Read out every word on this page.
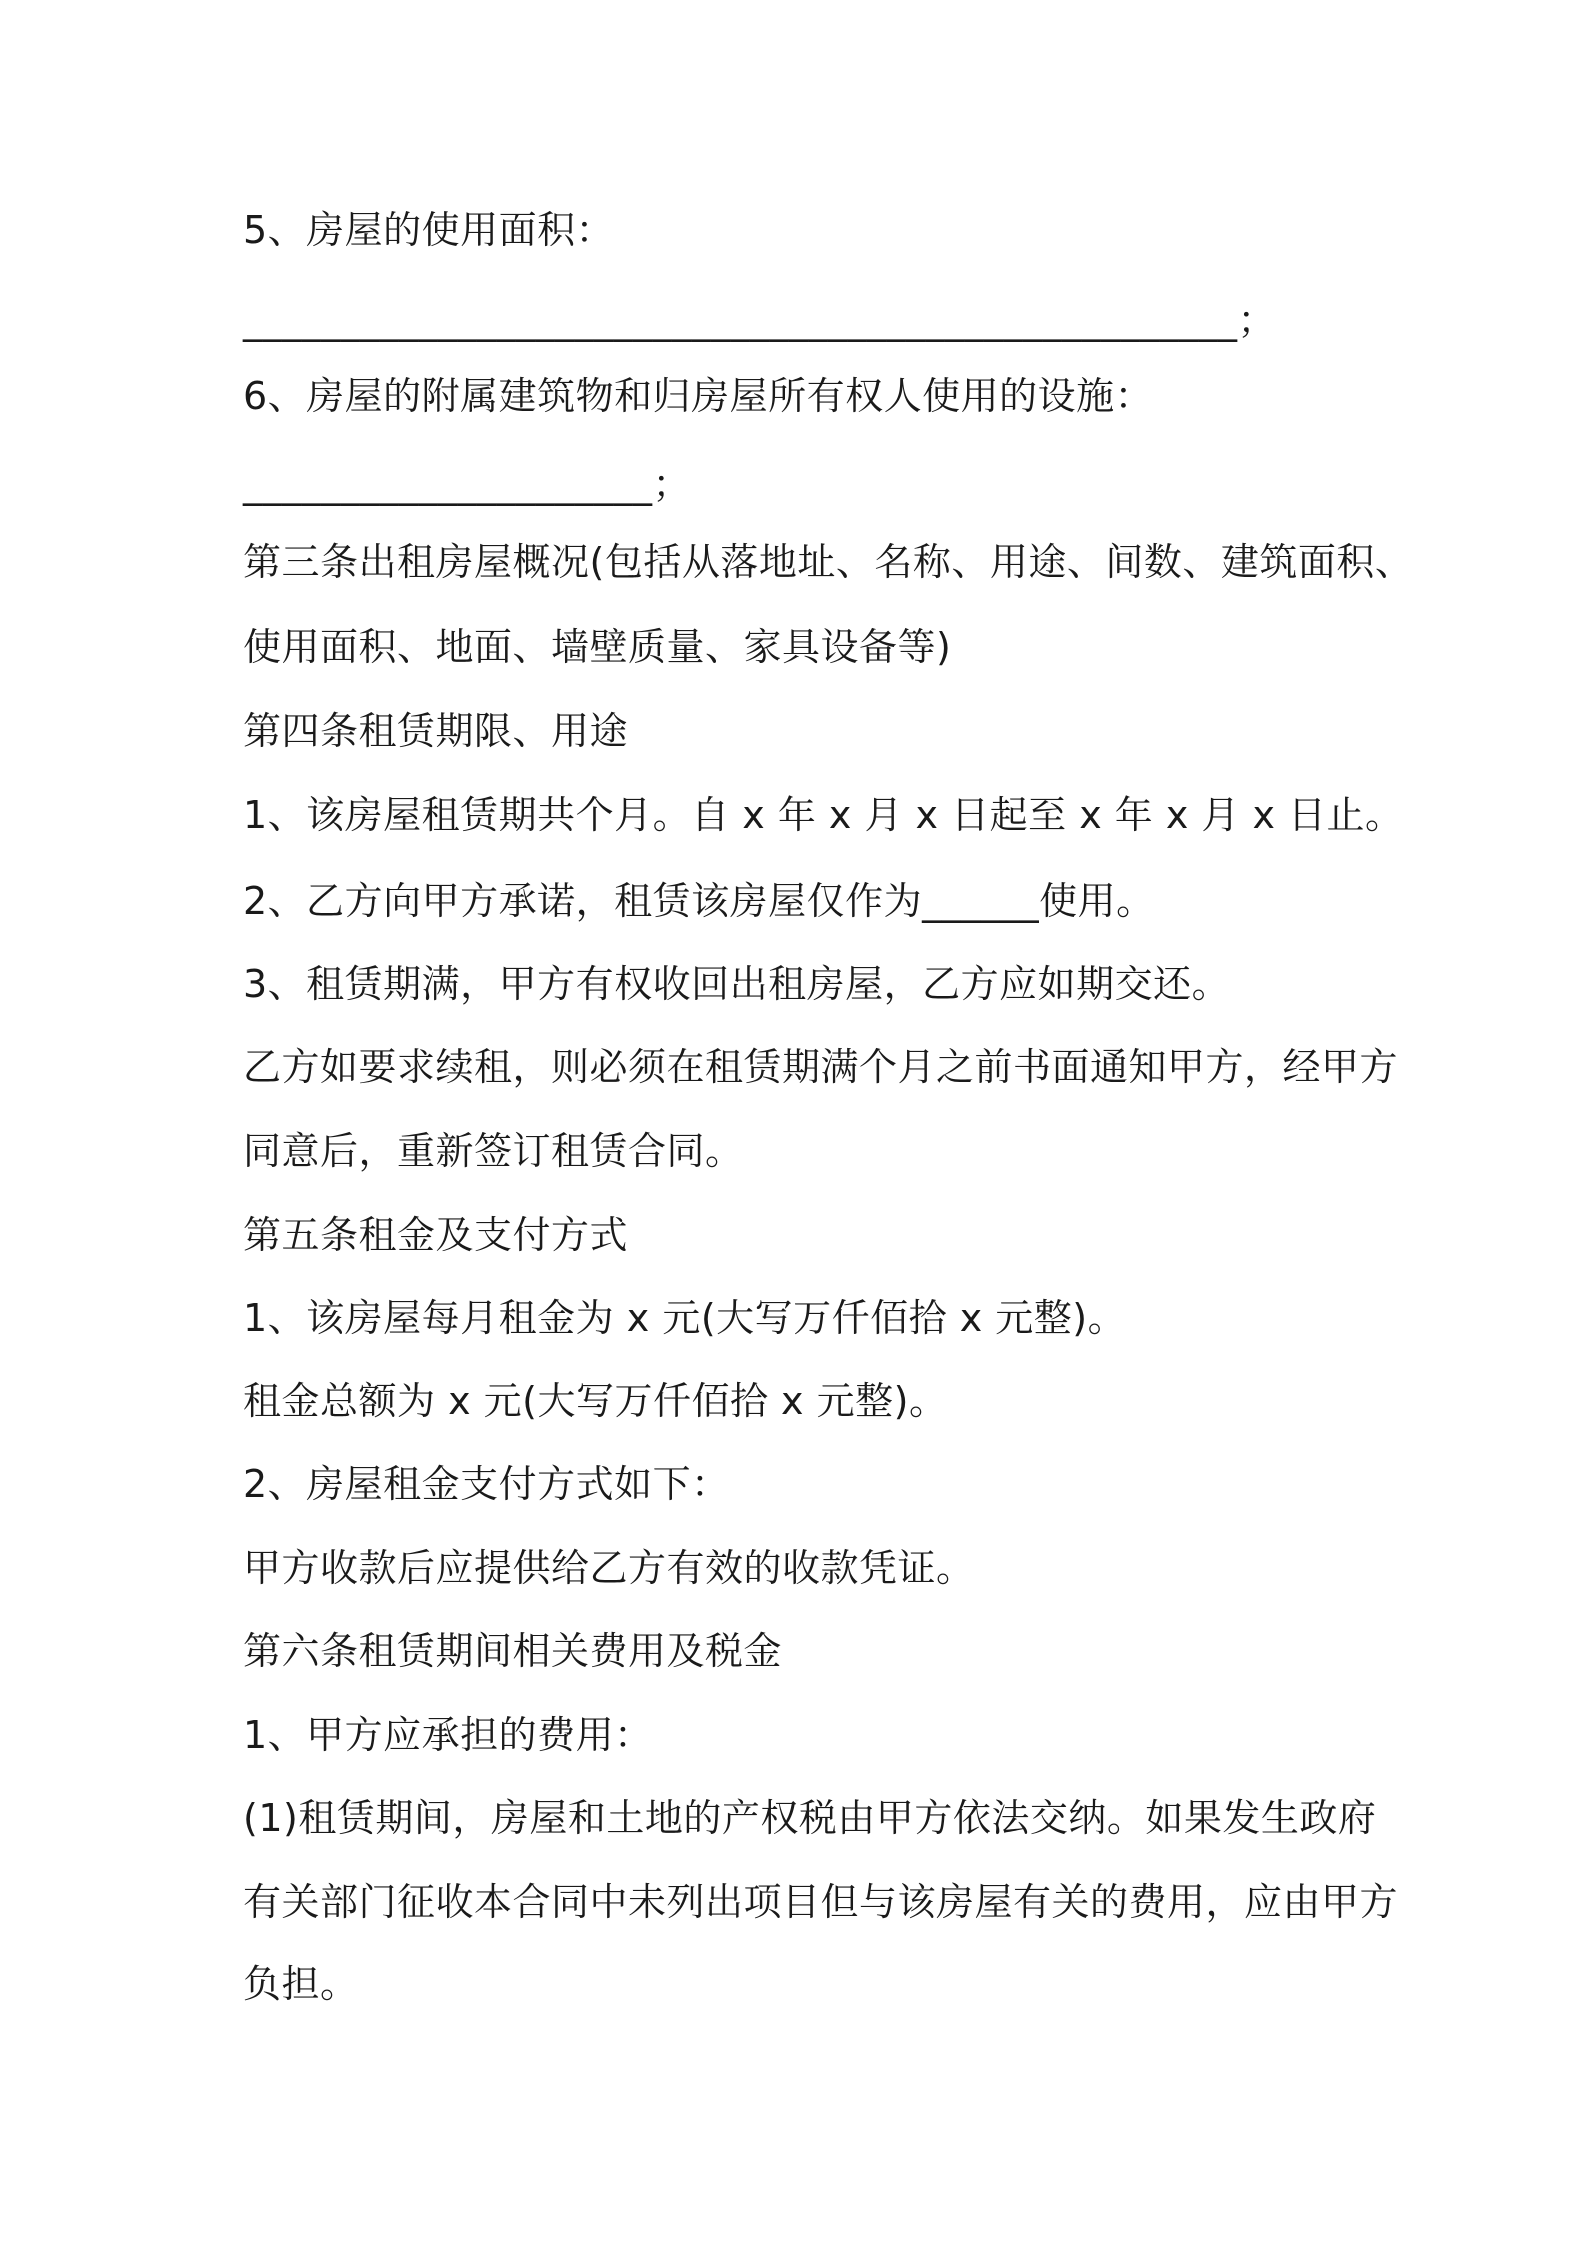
5、房屋的使用面积：

___________________________________________________；

6、房屋的附属建筑物和归房屋所有权人使用的设施：

_____________________；

第三条出租房屋概况(包括从落地址、名称、用途、间数、建筑面积、

使用面积、地面、墙壁质量、家具设备等)

第四条租赁期限、用途

1、该房屋租赁期共个月。自 x 年 x 月 x 日起至 x 年 x 月 x 日止。

2、乙方向甲方承诺，租赁该房屋仅作为______使用。

3、租赁期满，甲方有权收回出租房屋，乙方应如期交还。

乙方如要求续租，则必须在租赁期满个月之前书面通知甲方，经甲方

同意后，重新签订租赁合同。

第五条租金及支付方式

1、该房屋每月租金为 x 元(大写万仟佰拾 x 元整)。

租金总额为 x 元(大写万仟佰拾 x 元整)。

2、房屋租金支付方式如下：

甲方收款后应提供给乙方有效的收款凭证。

第六条租赁期间相关费用及税金

1、甲方应承担的费用：

(1)租赁期间，房屋和土地的产权税由甲方依法交纳。如果发生政府

有关部门征收本合同中未列出项目但与该房屋有关的费用，应由甲方

负担。
